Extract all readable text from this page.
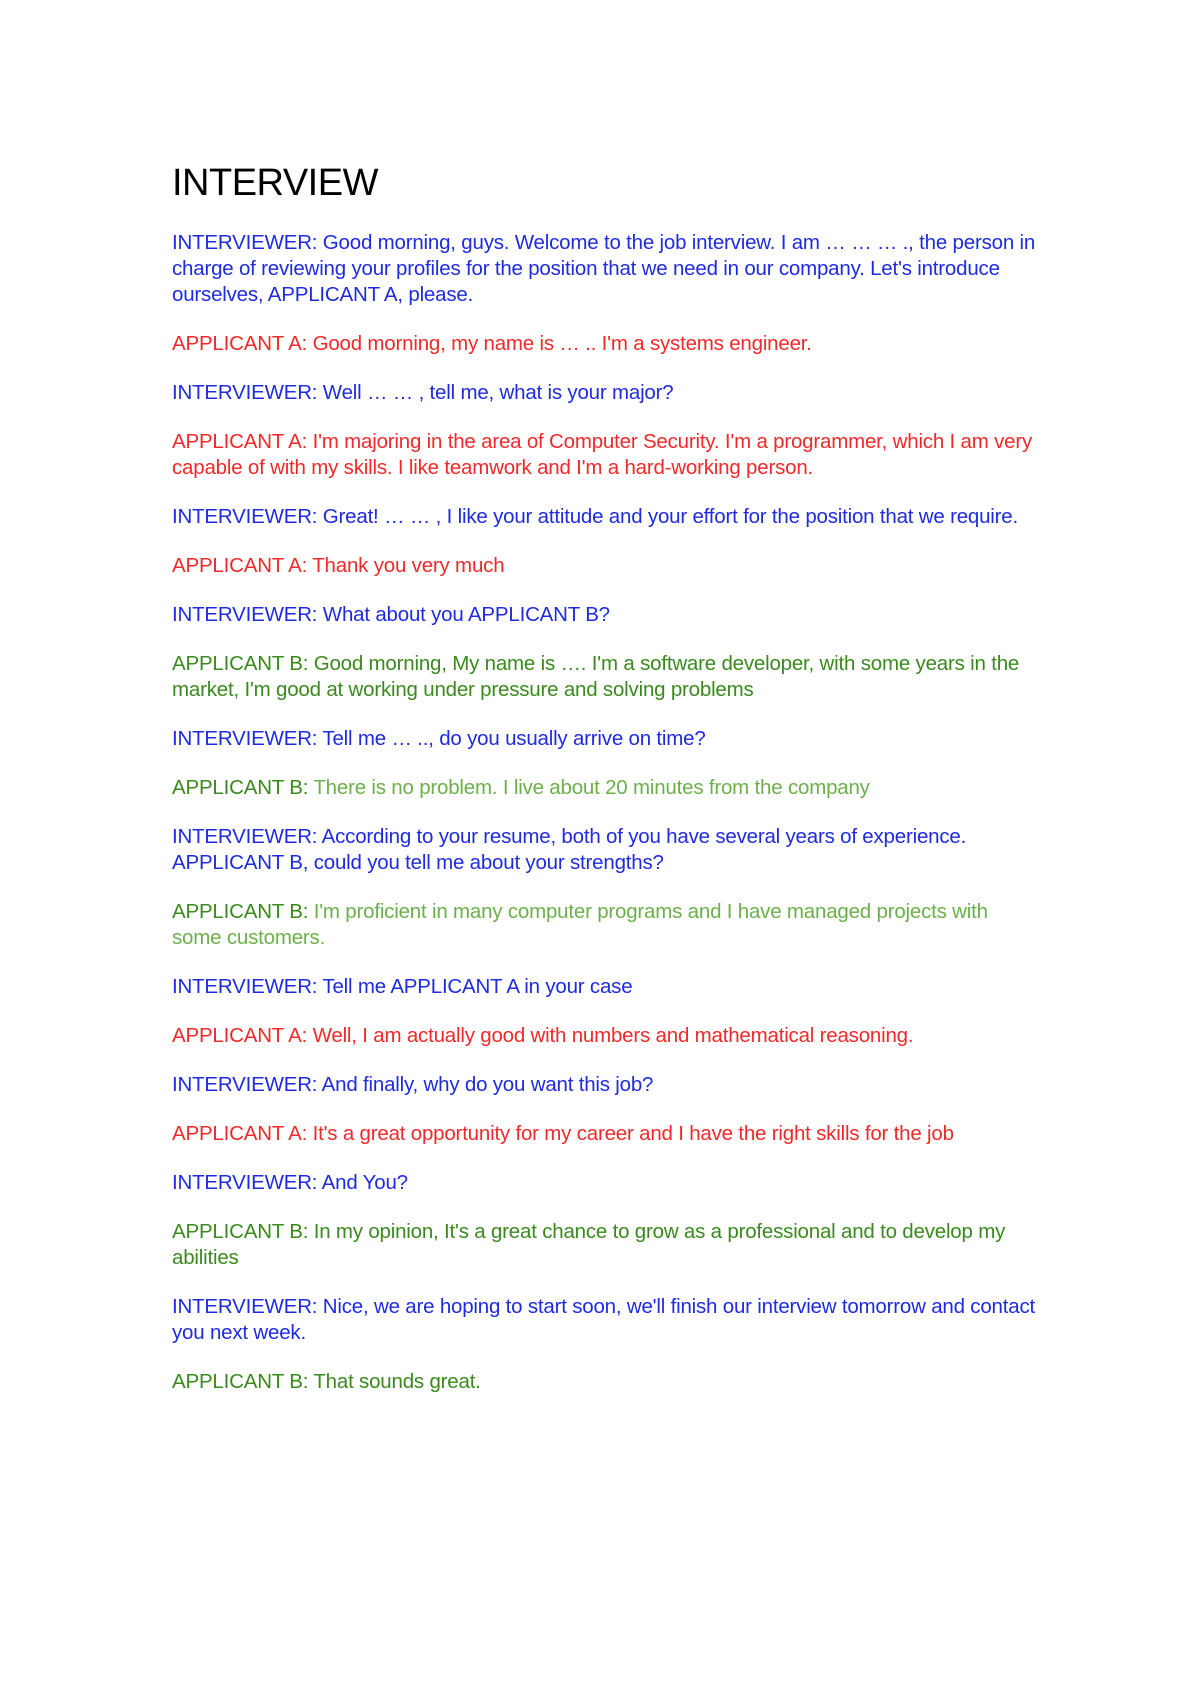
INTERVIEW

INTERVIEWER: Good morning, guys. Welcome to the job interview. I am … … … ., the person in charge of reviewing your profiles for the position that we need in our company. Let's introduce ourselves, APPLICANT A, please.

APPLICANT A: Good morning, my name is … .. I'm a systems engineer.

INTERVIEWER: Well … … , tell me, what is your major?

APPLICANT A: I'm majoring in the area of Computer Security. I'm a programmer, which I am very capable of with my skills. I like teamwork and I'm a hard-working person.

INTERVIEWER: Great! … … , I like your attitude and your effort for the position that we require.

APPLICANT A: Thank you very much

INTERVIEWER: What about you APPLICANT B?

APPLICANT B: Good morning, My name is …. I'm a software developer, with some years in the market, I'm good at working under pressure and solving problems

INTERVIEWER: Tell me … .., do you usually arrive on time?

APPLICANT B: There is no problem. I live about 20 minutes from the company

INTERVIEWER: According to your resume, both of you have several years of experience. APPLICANT B, could you tell me about your strengths?

APPLICANT B: I'm proficient in many computer programs and I have managed projects with some customers.

INTERVIEWER: Tell me APPLICANT A in your case

APPLICANT A: Well, I am actually good with numbers and mathematical reasoning.

INTERVIEWER: And finally, why do you want this job?

APPLICANT A: It's a great opportunity for my career and I have the right skills for the job

INTERVIEWER: And You?

APPLICANT B: In my opinion, It's a great chance to grow as a professional and to develop my abilities

INTERVIEWER: Nice, we are hoping to start soon, we'll finish our interview tomorrow and contact you next week.

APPLICANT B: That sounds great.
